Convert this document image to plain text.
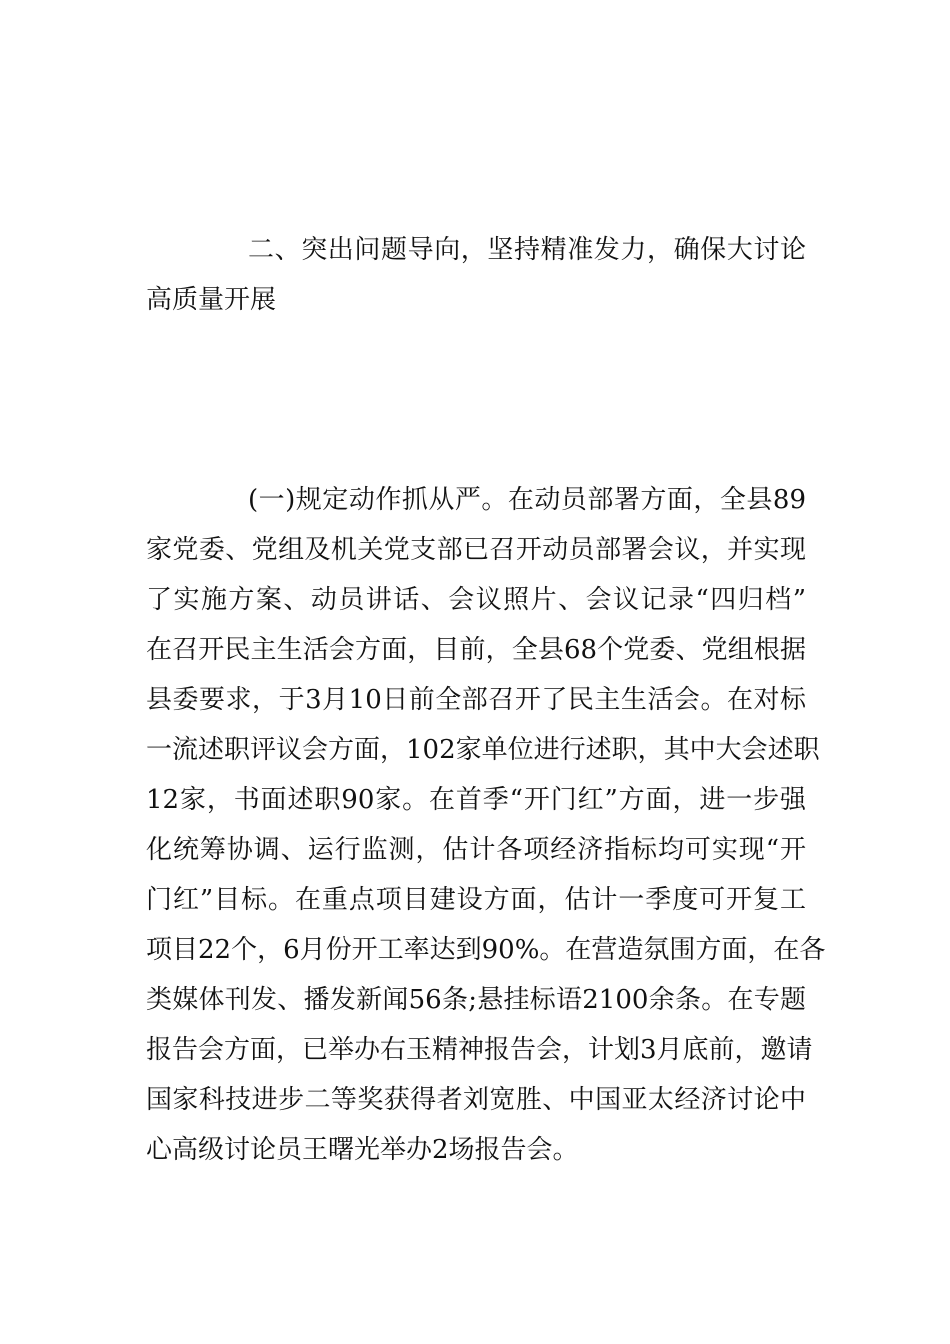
二、突出问题导向，坚持精准发力，确保大讨论
高质量开展
(一)规定动作抓从严。在动员部署方面，全县89
家党委、党组及机关党支部已召开动员部署会议，并实现
了实施方案、动员讲话、会议照片、会议记录“四归档”
在召开民主生活会方面，目前，全县68个党委、党组根据
县委要求，于3月10日前全部召开了民主生活会。在对标
一流述职评议会方面，102家单位进行述职，其中大会述职
12家，书面述职90家。在首季“开门红”方面，进一步强
化统筹协调、运行监测，估计各项经济指标均可实现“开
门红”目标。在重点项目建设方面，估计一季度可开复工
项目22个，6月份开工率达到90%。在营造氛围方面，在各
类媒体刊发、播发新闻56条;悬挂标语2100余条。在专题
报告会方面，已举办右玉精神报告会，计划3月底前，邀请
国家科技进步二等奖获得者刘宽胜、中国亚太经济讨论中
心高级讨论员王曙光举办2场报告会。
